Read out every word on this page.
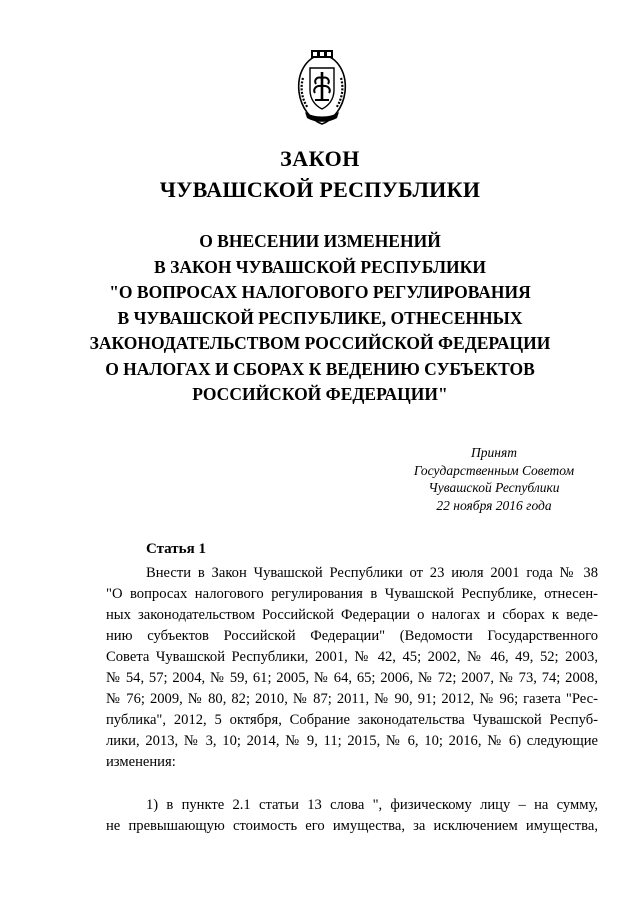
ЗАКОН
ЧУВАШСКОЙ РЕСПУБЛИКИ
О ВНЕСЕНИИ ИЗМЕНЕНИЙ
В ЗАКОН ЧУВАШСКОЙ РЕСПУБЛИКИ
"О ВОПРОСАХ НАЛОГОВОГО РЕГУЛИРОВАНИЯ
В ЧУВАШСКОЙ РЕСПУБЛИКЕ, ОТНЕСЕННЫХ
ЗАКОНОДАТЕЛЬСТВОМ РОССИЙСКОЙ ФЕДЕРАЦИИ
О НАЛОГАХ И СБОРАХ К ВЕДЕНИЮ СУБЪЕКТОВ
РОССИЙСКОЙ ФЕДЕРАЦИИ"
Принят
Государственным Советом
Чувашской Республики
22 ноября 2016 года
Статья 1
Внести в Закон Чувашской Республики от 23 июля 2001 года № 38
"О вопросах налогового регулирования в Чувашской Республике, отнесен-
ных законодательством Российской Федерации о налогах и сборах к веде-
нию субъектов Российской Федерации" (Ведомости Государственного
Совета Чувашской Республики, 2001, № 42, 45; 2002, № 46, 49, 52; 2003,
№ 54, 57; 2004, № 59, 61; 2005, № 64, 65; 2006, № 72; 2007, № 73, 74; 2008,
№ 76; 2009, № 80, 82; 2010, № 87; 2011, № 90, 91; 2012, № 96; газета "Рес-
публика", 2012, 5 октября, Собрание законодательства Чувашской Респуб-
лики, 2013, № 3, 10; 2014, № 9, 11; 2015, № 6, 10; 2016, № 6) следующие
изменения:
1) в пункте 2.1 статьи 13 слова ", физическому лицу – на сумму,
не превышающую стоимость его имущества, за исключением имущества,
